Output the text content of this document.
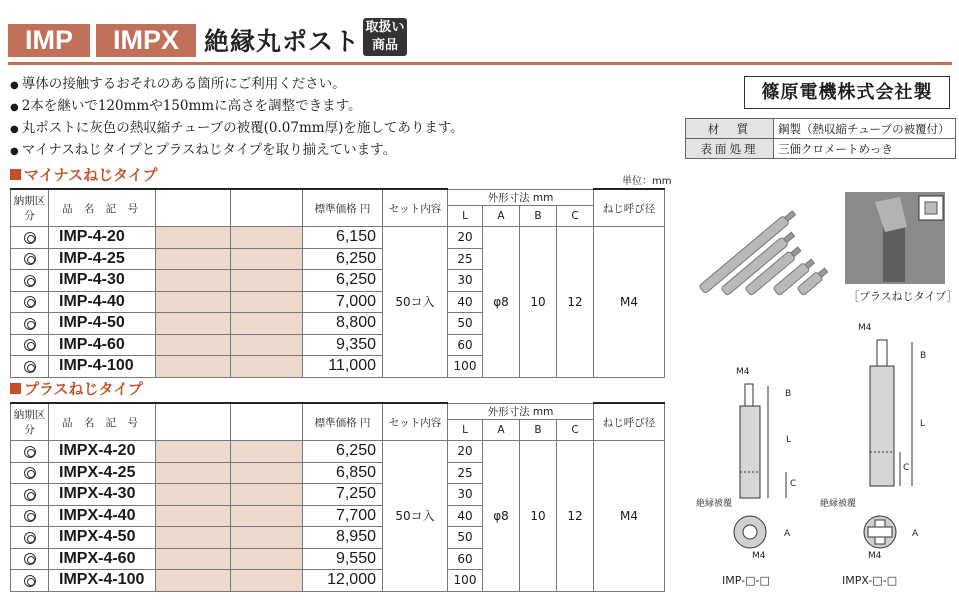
IMP	IMPX	絶縁丸ポスト 取扱い
商品
● 導体の接触するおそれのある箇所にご利用ください。
● 2本を継いで120mmや150mmに高さを調整できます。
● 丸ポストに灰色の熱収縮チューブの被覆(0.07mm厚)を施してあります。
● マイナスねじタイプとプラスねじタイプを取り揃えています。
篠原電機株式会社製
材　質	鋼製（熱収縮チューブの被覆付）
表面処理	三価クロメートめっき
マイナスねじタイプ	単位：mm
納期区分	品 名 記 号			標準価格 円	セット内容	外形寸法 mm				ねじ呼び径
						L	A	B	C	
	IMP-4-20			6,150	50コ入	20	φ8	10	12	M4
	IMP-4-25			6,250		25				
	IMP-4-30			6,250		30				
	IMP-4-40			7,000		40				
	IMP-4-50			8,800		50				
	IMP-4-60			9,350		60				
	IMP-4-100			11,000		100				
プラスねじタイプ
納期区分	品 名 記 号			標準価格 円	セット内容	外形寸法 mm				ねじ呼び径
						L	A	B	C	
	IMPX-4-20			6,250	50コ入	20	φ8	10	12	M4
	IMPX-4-25			6,850		25				
	IMPX-4-30			7,250		30				
	IMPX-4-40			7,700		40				
	IMPX-4-50			8,950		50				
	IMPX-4-60			9,550		60				
	IMPX-4-100			12,000		100				
［プラスねじタイプ］
M4
B
L
C
絶縁被覆
A
M4
IMP-□-□
M4
B
L
C
絶縁被覆
A
M4
IMPX-□-□
